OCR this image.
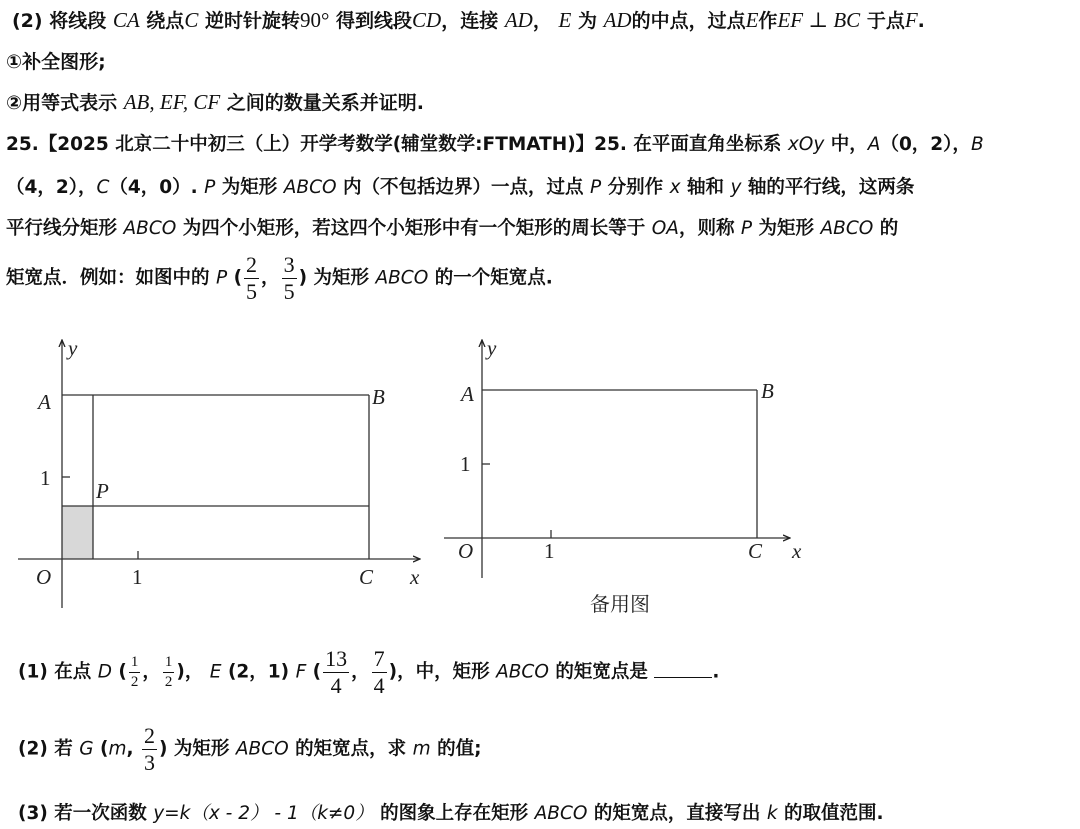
(2) 将线段 CA 绕点C 逆时针旋转90° 得到线段CD，连接 AD， E 为 AD的中点，过点E作EF ⊥ BC 于点F.
①补全图形;
②用等式表示 AB, EF, CF 之间的数量关系并证明.
25.【2025 北京二十中初三（上）开学考数学(辅堂数学:FTMATH)】25. 在平面直角坐标系 xOy 中，A（0，2），B
（4，2），C（4，0）. P 为矩形 ABCO 内（不包括边界）一点，过点 P 分别作 x 轴和 y 轴的平行线，这两条
平行线分矩形 ABCO 为四个小矩形，若这四个小矩形中有一个矩形的周长等于 OA，则称 P 为矩形 ABCO 的
矩宽点．例如：如图中的 P ( $\frac{2}{5}$ ， $\frac{3}{5}$ ) 为矩形 ABCO 的一个矩宽点.
y
A	B
1
P
O	1	C x
y
A	B
1
O	1	C x
备用图
(1) 在点 D ( $\frac{1}{2}$ ， $\frac{1}{2}$ )， E (2，1) F ( $\frac{13}{4}$ ， $\frac{7}{4}$ )，中，矩形 ABCO 的矩宽点是	.
(2) 若 G (m, $\frac{2}{3}$ ) 为矩形 ABCO 的矩宽点，求 m 的值;
(3) 若一次函数 y=k（x - 2） - 1（k≠0） 的图象上存在矩形 ABCO 的矩宽点，直接写出 k 的取值范围.
